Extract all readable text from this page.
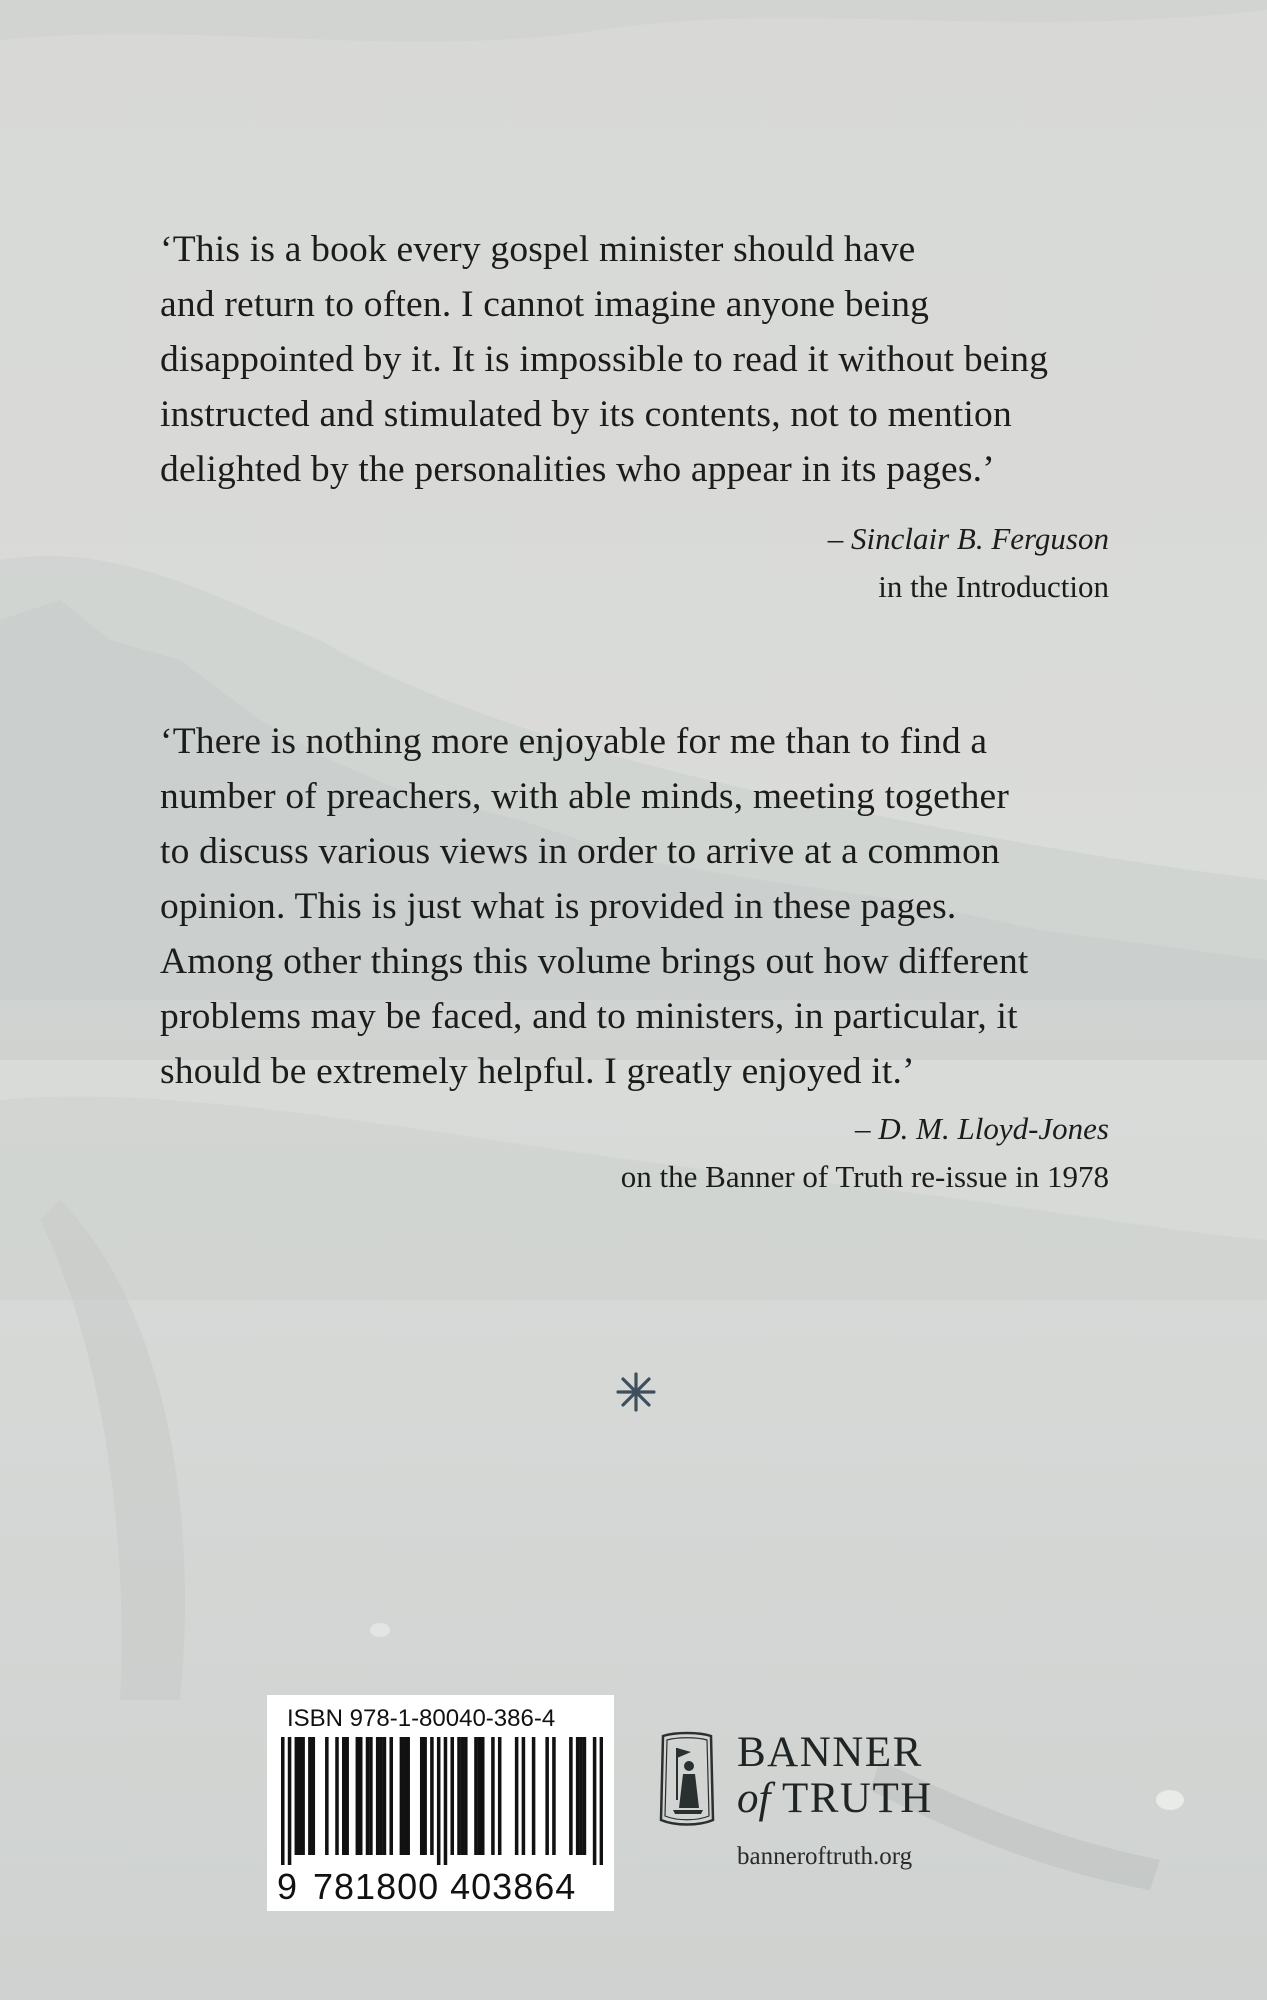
‘This is a book every gospel minister should have
and return to often. I cannot imagine anyone being
disappointed by it. It is impossible to read it without being
instructed and stimulated by its contents, not to mention
delighted by the personalities who appear in its pages.’
– Sinclair B. Ferguson
in the Introduction
‘There is nothing more enjoyable for me than to find a
number of preachers, with able minds, meeting together
to discuss various views in order to arrive at a common
opinion. This is just what is provided in these pages.
Among other things this volume brings out how different
problems may be faced, and to ministers, in particular, it
should be extremely helpful. I greatly enjoyed it.’
– D. M. Lloyd-Jones
on the Banner of Truth re-issue in 1978
ISBN 978-1-80040-386-4
9 781800 403864
BANNER
of TRUTH
banneroftruth.org
